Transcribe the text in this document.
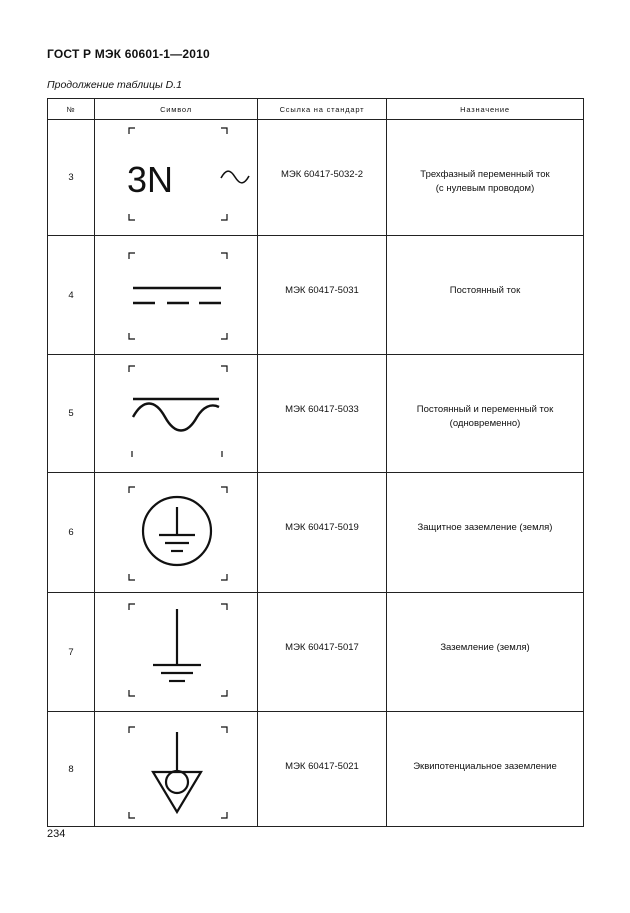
ГОСТ Р МЭК 60601-1—2010
Продолжение таблицы D.1
№	Символ	Ссылка на стандарт	Назначение
3	3N	МЭК 60417-5032-2	Трехфазный переменный ток
(с нулевым проводом)

4		МЭК 60417-5031	Постоянный ток

5		МЭК 60417-5033	Постоянный и переменный ток
(одновременно)

6		МЭК 60417-5019	Защитное заземление (земля)

7		МЭК 60417-5017	Заземление (земля)

8		МЭК 60417-5021	Эквипотенциальное заземление
234
